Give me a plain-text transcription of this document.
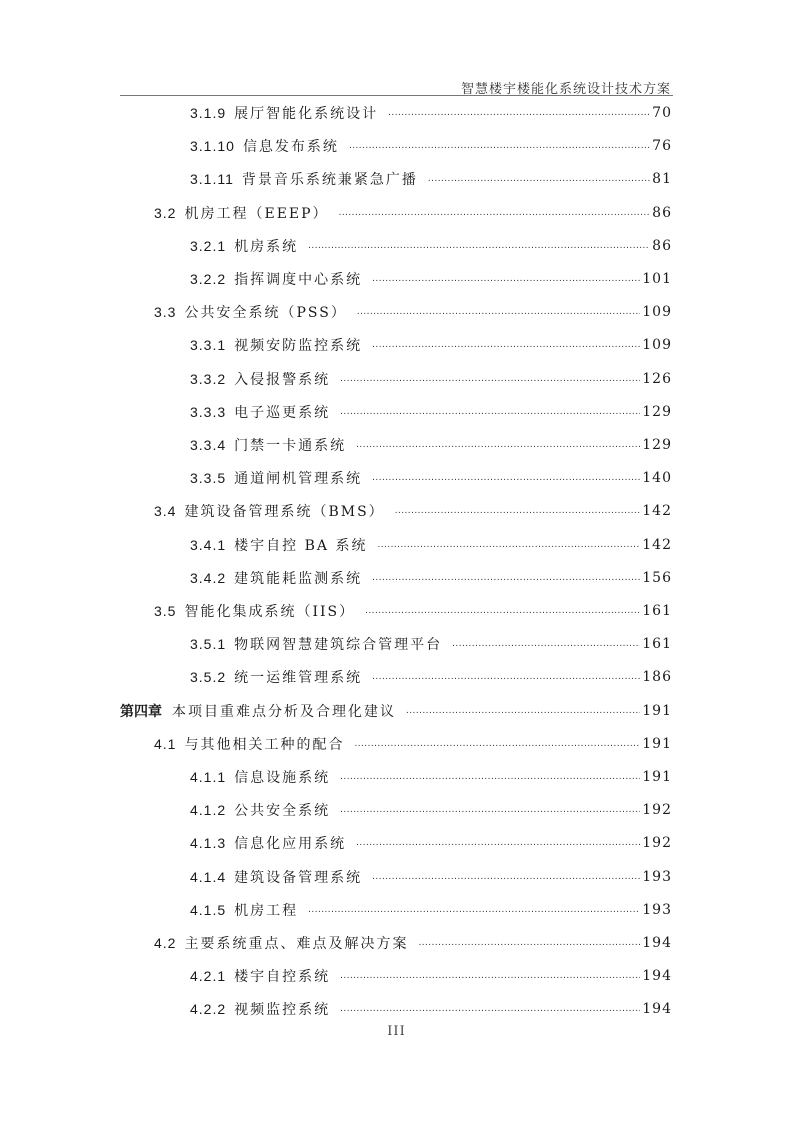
智慧楼宇楼能化系统设计技术方案
3.1.9 展厅智能化系统设计 .....	70
3.1.10 信息发布系统 .....	76
3.1.11 背景音乐系统兼紧急广播 .....	81
3.2 机房工程（EEEP） .....	86
3.2.1 机房系统 .....	86
3.2.2 指挥调度中心系统 .....	101
3.3 公共安全系统（PSS） .....	109
3.3.1 视频安防监控系统 .....	109
3.3.2 入侵报警系统 .....	126
3.3.3 电子巡更系统 .....	129
3.3.4 门禁一卡通系统 .....	129
3.3.5 通道闸机管理系统 .....	140
3.4 建筑设备管理系统（BMS） .....	142
3.4.1 楼宇自控 BA 系统 .....	142
3.4.2 建筑能耗监测系统 .....	156
3.5 智能化集成系统（IIS） .....	161
3.5.1 物联网智慧建筑综合管理平台 .....	161
3.5.2 统一运维管理系统 .....	186
第四章 本项目重难点分析及合理化建议 .....	191
4.1 与其他相关工种的配合 .....	191
4.1.1 信息设施系统 .....	191
4.1.2 公共安全系统 .....	192
4.1.3 信息化应用系统 .....	192
4.1.4 建筑设备管理系统 .....	193
4.1.5 机房工程 .....	193
4.2 主要系统重点、难点及解决方案 .....	194
4.2.1 楼宇自控系统 .....	194
4.2.2 视频监控系统 .....	194
III
